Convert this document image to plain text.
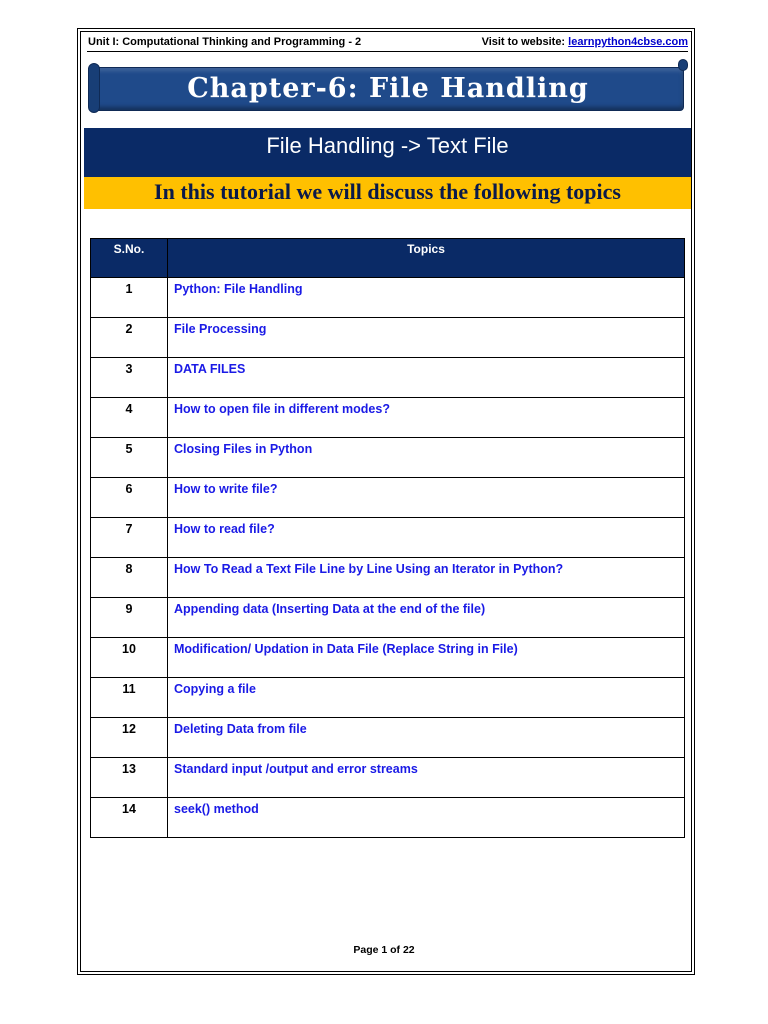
Unit I: Computational Thinking and Programming - 2	Visit to website: learnpython4cbse.com
Chapter-6: File Handling
File Handling -> Text File
In this tutorial we will discuss the following topics
S.No.	Topics
1	Python: File Handling
2	File Processing
3	DATA FILES
4	How to open file in different modes?
5	Closing Files in Python
6	How to write file?
7	How to read file?
8	How To Read a Text File Line by Line Using an Iterator in Python?
9	Appending data (Inserting Data at the end of the file)
10	Modification/ Updation in Data File (Replace String in File)
11	Copying a file
12	Deleting Data from file
13	Standard input /output and error streams
14	seek() method
Page 1 of 22
